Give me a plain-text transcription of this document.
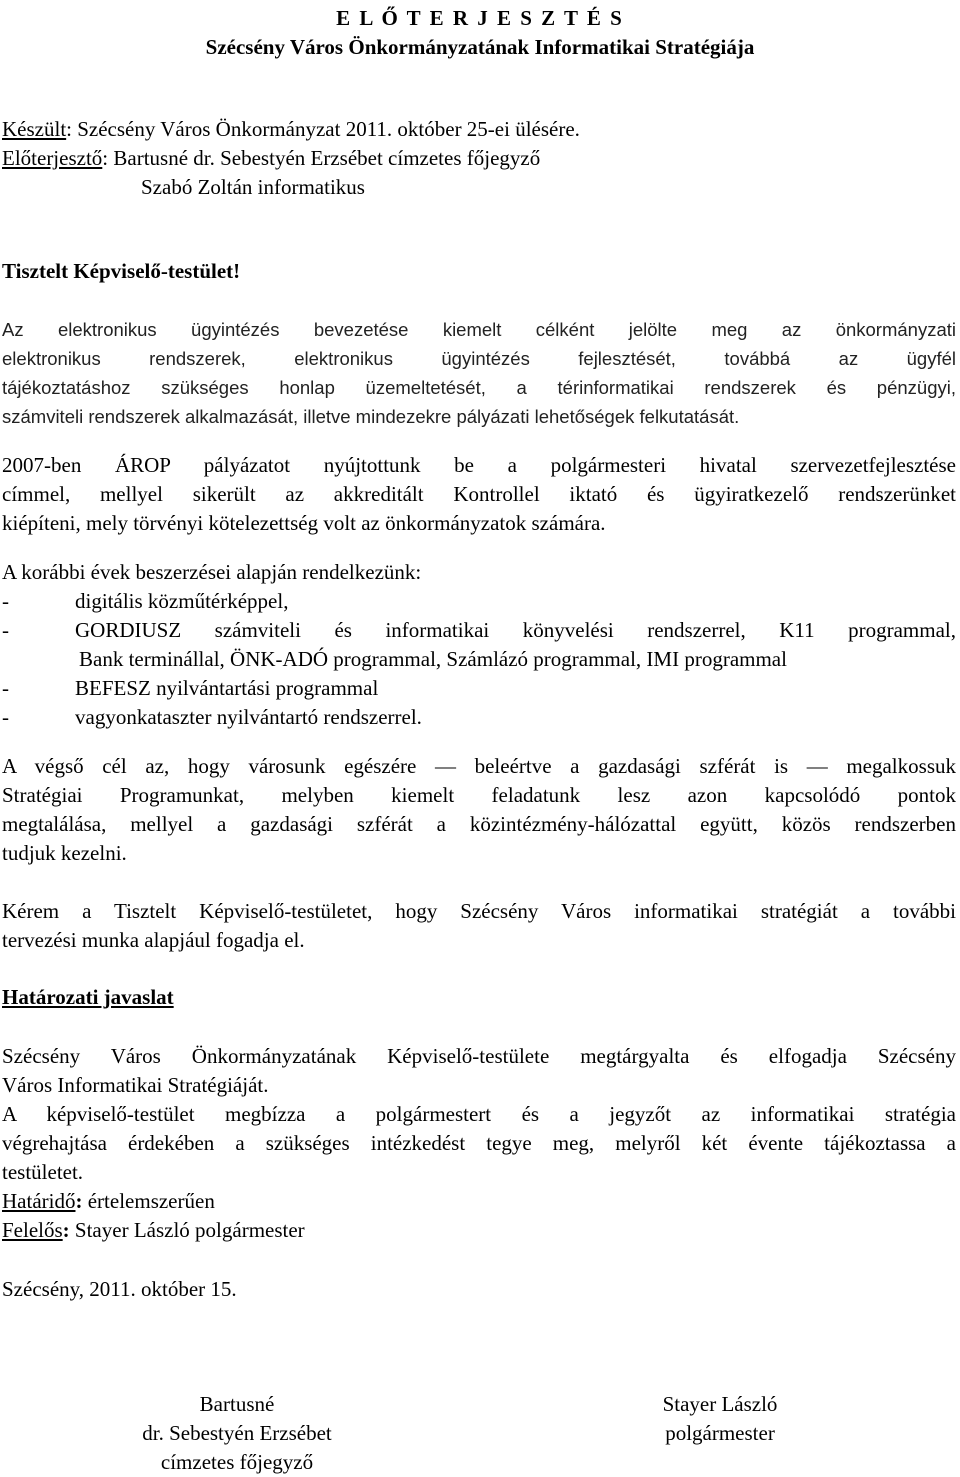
E L Ő T E R J E S Z T É S
Szécsény Város Önkormányzatának Informatikai Stratégiája
Készült: Szécsény Város Önkormányzat 2011. október 25-ei ülésére.
Előterjesztő: Bartusné dr. Sebestyén Erzsébet címzetes főjegyző
Szabó Zoltán informatikus
Tisztelt Képviselő-testület!
Az elektronikus ügyintézés bevezetése kiemelt célként jelölte meg az önkormányzati
elektronikus rendszerek, elektronikus ügyintézés fejlesztését, továbbá az ügyfél
tájékoztatáshoz szükséges honlap üzemeltetését, a térinformatikai rendszerek és pénzügyi,
számviteli rendszerek alkalmazását, illetve mindezekre pályázati lehetőségek felkutatását.
2007-ben ÁROP pályázatot nyújtottunk be a polgármesteri hivatal szervezetfejlesztése
címmel, mellyel sikerült az akkreditált Kontrollel iktató és ügyiratkezelő rendszerünket
kiépíteni, mely törvényi kötelezettség volt az önkormányzatok számára.
A korábbi évek beszerzései alapján rendelkezünk:
-	digitális közműtérképpel,
-	GORDIUSZ számviteli és informatikai könyvelési rendszerrel, K11 programmal,
Bank terminállal, ÖNK-ADÓ programmal, Számlázó programmal, IMI programmal
-	BEFESZ nyilvántartási programmal
-	vagyonkataszter nyilvántartó rendszerrel.
A végső cél az, hogy városunk egészére — beleértve a gazdasági szférát is — megalkossuk
Stratégiai Programunkat, melyben kiemelt feladatunk lesz azon kapcsolódó pontok
megtalálása, mellyel a gazdasági szférát a közintézmény-hálózattal együtt, közös rendszerben
tudjuk kezelni.
Kérem a Tisztelt Képviselő-testületet, hogy Szécsény Város informatikai stratégiát a további
tervezési munka alapjául fogadja el.
Határozati javaslat
Szécsény Város Önkormányzatának Képviselő-testülete megtárgyalta és elfogadja Szécsény
Város Informatikai Stratégiáját.
A képviselő-testület megbízza a polgármestert és a jegyzőt az informatikai stratégia
végrehajtása érdekében a szükséges intézkedést tegye meg, melyről két évente tájékoztassa a
testületet.
Határidő: értelemszerűen
Felelős: Stayer László polgármester
Szécsény, 2011. október 15.
Bartusné
dr. Sebestyén Erzsébet
címzetes főjegyző
Stayer László
polgármester
